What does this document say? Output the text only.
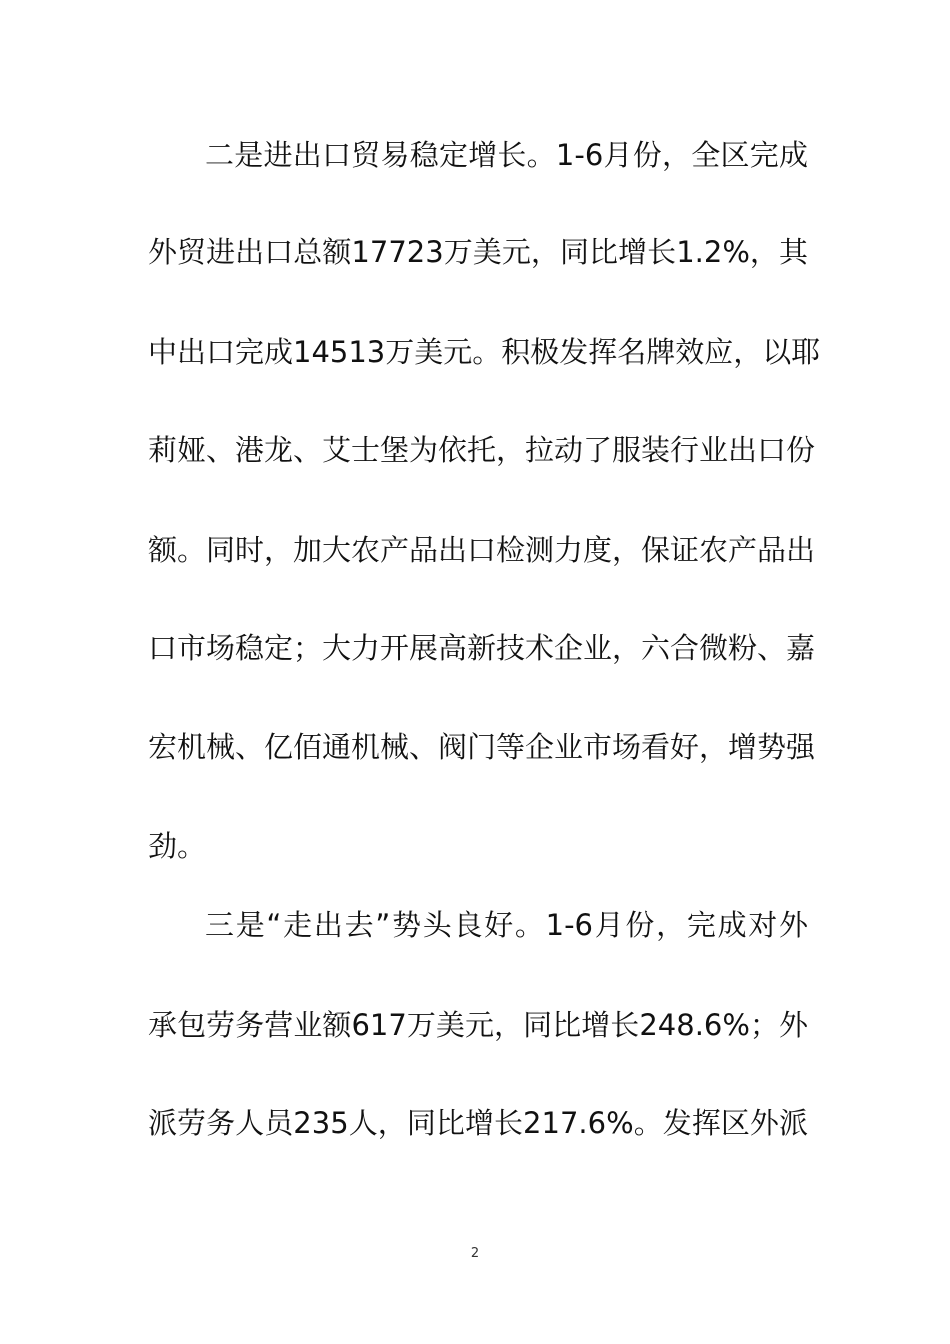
二是进出口贸易稳定增长。1-6月份，全区完成
外贸进出口总额17723万美元，同比增长1.2%，其
中出口完成14513万美元。积极发挥名牌效应，以耶
莉娅、港龙、艾士堡为依托，拉动了服装行业出口份
额。同时，加大农产品出口检测力度，保证农产品出
口市场稳定；大力开展高新技术企业，六合微粉、嘉
宏机械、亿佰通机械、阀门等企业市场看好，增势强
劲。
三是“走出去”势头良好。1-6月份，完成对外
承包劳务营业额617万美元，同比增长248.6%；外
派劳务人员235人，同比增长217.6%。发挥区外派
2
